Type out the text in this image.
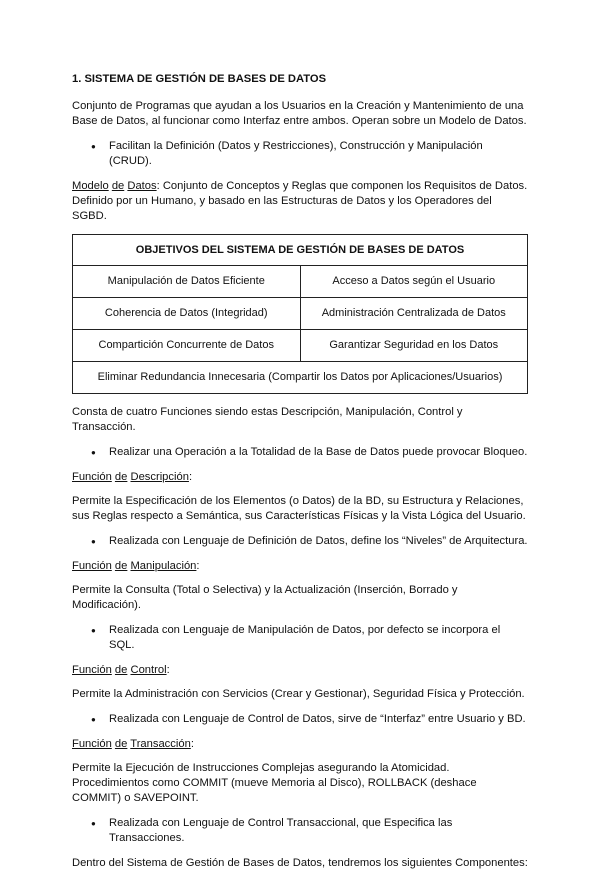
1. SISTEMA DE GESTIÓN DE BASES DE DATOS

Conjunto de Programas que ayudan a los Usuarios en la Creación y Mantenimiento de una Base de Datos, al funcionar como Interfaz entre ambos. Operan sobre un Modelo de Datos.

● Facilitan la Definición (Datos y Restricciones), Construcción y Manipulación (CRUD).

Modelo de Datos: Conjunto de Conceptos y Reglas que componen los Requisitos de Datos. Definido por un Humano, y basado en las Estructuras de Datos y los Operadores del SGBD.

OBJETIVOS DEL SISTEMA DE GESTIÓN DE BASES DE DATOS	
Manipulación de Datos Eficiente	Acceso a Datos según el Usuario
Coherencia de Datos (Integridad)	Administración Centralizada de Datos
Compartición Concurrente de Datos	Garantizar Seguridad en los Datos
Eliminar Redundancia Innecesaria (Compartir los Datos por Aplicaciones/Usuarios)	

Consta de cuatro Funciones siendo estas Descripción, Manipulación, Control y Transacción.

● Realizar una Operación a la Totalidad de la Base de Datos puede provocar Bloqueo.

Función de Descripción:

Permite la Especificación de los Elementos (o Datos) de la BD, su Estructura y Relaciones, sus Reglas respecto a Semántica, sus Características Físicas y la Vista Lógica del Usuario.

● Realizada con Lenguaje de Definición de Datos, define los “Niveles” de Arquitectura.

Función de Manipulación:

Permite la Consulta (Total o Selectiva) y la Actualización (Inserción, Borrado y Modificación).

● Realizada con Lenguaje de Manipulación de Datos, por defecto se incorpora el SQL.

Función de Control:

Permite la Administración con Servicios (Crear y Gestionar), Seguridad Física y Protección.

● Realizada con Lenguaje de Control de Datos, sirve de “Interfaz” entre Usuario y BD.

Función de Transacción:

Permite la Ejecución de Instrucciones Complejas asegurando la Atomicidad. Procedimientos como COMMIT (mueve Memoria al Disco), ROLLBACK (deshace COMMIT) o SAVEPOINT.

● Realizada con Lenguaje de Control Transaccional, que Especifica las Transacciones.

Dentro del Sistema de Gestión de Bases de Datos, tendremos los siguientes Componentes:
